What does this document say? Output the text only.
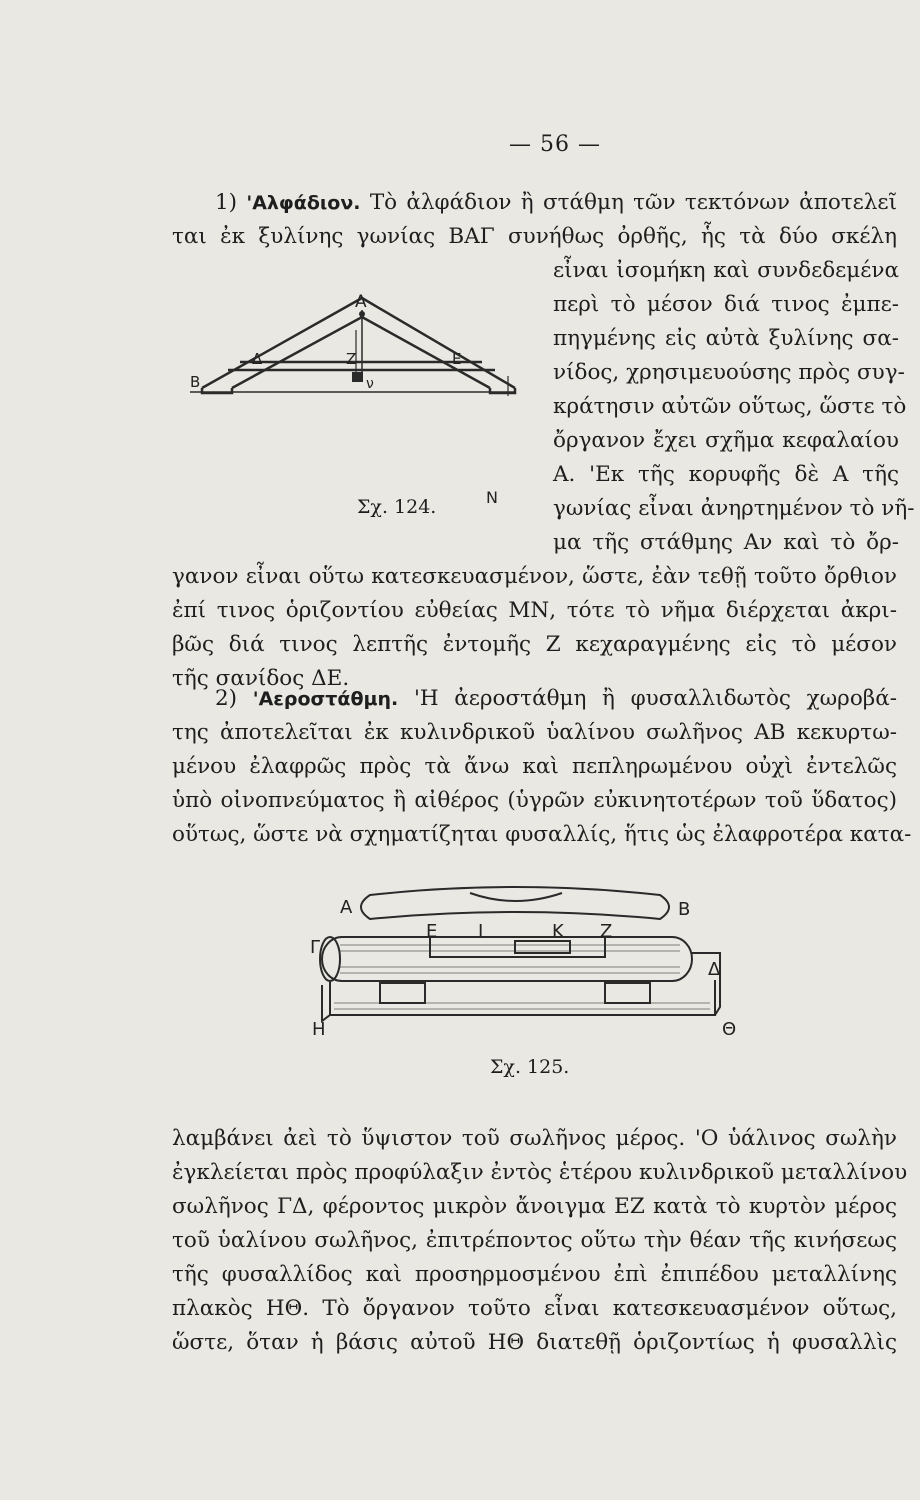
— 56 —
1) 'Αλφάδιον. Τὸ ἀλφάδιον ἢ στάθμη τῶν τεκτόνων ἀποτελεῖ
ται ἐκ ξυλίνης γωνίας ΒΑΓ συνήθως ὀρθῆς, ἧς τὰ δύο σκέλη
εἶναι ἰσομήκη καὶ συνδεδεμένα
περὶ τὸ μέσον διά τινος ἐμπε-
πηγμένης εἰς αὐτὰ ξυλίνης σα-
νίδος, χρησιμευούσης πρὸς συγ-
κράτησιν αὐτῶν οὕτως, ὥστε τὸ
ὄργανον ἔχει σχῆμα κεφαλαίου
Α. 'Εκ τῆς κορυφῆς δὲ Α τῆς
γωνίας εἶναι ἀνηρτημένον τὸ νῆ-
μα τῆς στάθμης Αν καὶ τὸ ὄρ-
γανον εἶναι οὕτω κατεσκευασμένον, ὥστε, ἐὰν τεθῇ τοῦτο ὄρθιον
ἐπί τινος ὁριζοντίου εὐθείας ΜΝ, τότε τὸ νῆμα διέρχεται ἀκρι-
βῶς διά τινος λεπτῆς ἐντομῆς Ζ κεχαραγμένης εἰς τὸ μέσον
τῆς σανίδος ΔΕ.
Α
Β
Δ	Ε
Ζ
ν
Ν
Σχ. 124.
2) 'Αεροστάθμη. 'Η ἀεροστάθμη ἢ φυσαλλιδωτὸς χωροβά-
της ἀποτελεῖται ἐκ κυλινδρικοῦ ὑαλίνου σωλῆνος ΑΒ κεκυρτω-
μένου ἐλαφρῶς πρὸς τὰ ἄνω καὶ πεπληρωμένου οὐχὶ ἐντελῶς
ὑπὸ οἰνοπνεύματος ἢ αἰθέρος (ὑγρῶν εὐκινητοτέρων τοῦ ὕδατος)
οὕτως, ὥστε νὰ σχηματίζηται φυσαλλίς, ἥτις ὡς ἐλαφροτέρα κατα-
Α	Β
Ε Ι	Κ Ζ
Γ
Δ
Η	Θ
Σχ. 125.
λαμβάνει ἀεὶ τὸ ὕψιστον τοῦ σωλῆνος μέρος. 'Ο ὑάλινος σωλὴν
ἐγκλείεται πρὸς προφύλαξιν ἐντὸς ἑτέρου κυλινδρικοῦ μεταλλίνου
σωλῆνος ΓΔ, φέροντος μικρὸν ἄνοιγμα ΕΖ κατὰ τὸ κυρτὸν μέρος
τοῦ ὑαλίνου σωλῆνος, ἐπιτρέποντος οὕτω τὴν θέαν τῆς κινήσεως
τῆς φυσαλλίδος καὶ προσηρμοσμένου ἐπὶ ἐπιπέδου μεταλλίνης
πλακὸς ΗΘ. Τὸ ὄργανον τοῦτο εἶναι κατεσκευασμένον οὕτως,
ὥστε, ὅταν ἡ βάσις αὐτοῦ ΗΘ διατεθῇ ὁριζοντίως ἡ φυσαλλὶς
